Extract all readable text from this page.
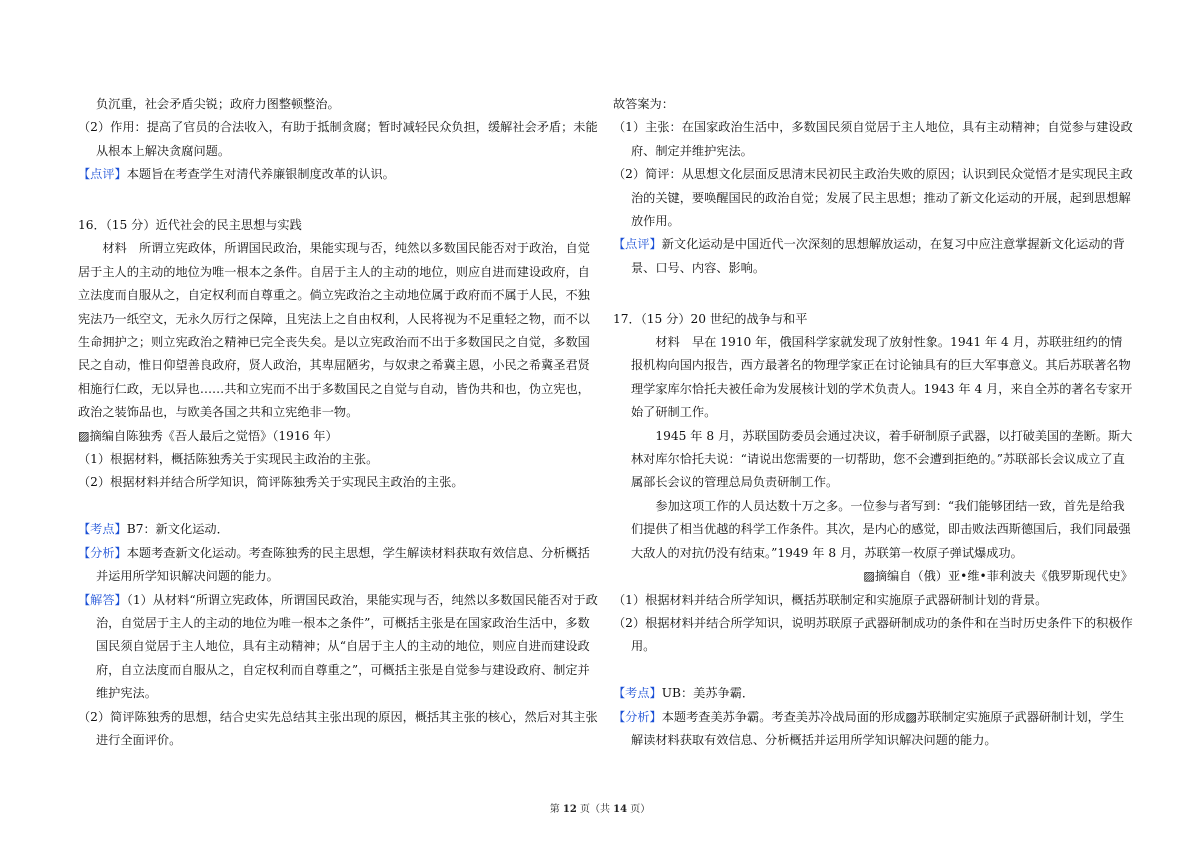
负沉重，社会矛盾尖锐；政府力图整顿整治。

（2）作用：提高了官员的合法收入，有助于抵制贪腐；暂时减轻民众负担，缓解社会矛盾；未能从根本上解决贪腐问题。

【点评】本题旨在考查学生对清代养廉银制度改革的认识。

16．（15 分）近代社会的民主思想与实践

材料　所谓立宪政体，所谓国民政治，果能实现与否，纯然以多数国民能否对于政治，自觉居于主人的主动的地位为唯一根本之条件。自居于主人的主动的地位，则应自进而建设政府，自立法度而自服从之，自定权利而自尊重之。倘立宪政治之主动地位属于政府而不属于人民，不独宪法乃一纸空文，无永久厉行之保障，且宪法上之自由权利，人民将视为不足重轻之物，而不以生命拥护之；则立宪政治之精神已完全丧失矣。是以立宪政治而不出于多数国民之自觉，多数国民之自动，惟日仰望善良政府，贤人政治，其卑屈陋劣，与奴隶之希冀主恩，小民之希冀圣君贤相施行仁政，无以异也……共和立宪而不出于多数国民之自觉与自动，皆伪共和也，伪立宪也，政治之装饰品也，与欧美各国之共和立宪绝非一物。

▨摘编自陈独秀《吾人最后之觉悟》（1916 年）

（1）根据材料，概括陈独秀关于实现民主政治的主张。

（2）根据材料并结合所学知识，简评陈独秀关于实现民主政治的主张。

【考点】B7：新文化运动．

【分析】本题考查新文化运动。考查陈独秀的民主思想，学生解读材料获取有效信息、分析概括并运用所学知识解决问题的能力。

【解答】（1）从材料“所谓立宪政体，所谓国民政治，果能实现与否，纯然以多数国民能否对于政治，自觉居于主人的主动的地位为唯一根本之条件”，可概括主张是在国家政治生活中，多数国民须自觉居于主人地位，具有主动精神；从“自居于主人的主动的地位，则应自进而建设政府，自立法度而自服从之，自定权利而自尊重之”，可概括主张是自觉参与建设政府、制定并维护宪法。

（2）简评陈独秀的思想，结合史实先总结其主张出现的原因，概括其主张的核心，然后对其主张进行全面评价。

故答案为：

（1）主张：在国家政治生活中，多数国民须自觉居于主人地位，具有主动精神；自觉参与建设政府、制定并维护宪法。

（2）简评：从思想文化层面反思清末民初民主政治失败的原因；认识到民众觉悟才是实现民主政治的关键，要唤醒国民的政治自觉；发展了民主思想；推动了新文化运动的开展，起到思想解放作用。

【点评】新文化运动是中国近代一次深刻的思想解放运动，在复习中应注意掌握新文化运动的背景、口号、内容、影响。

17．（15 分）20 世纪的战争与和平

材料　早在 1910 年，俄国科学家就发现了放射性象。1941 年 4 月，苏联驻纽约的情报机构向国内报告，西方最著名的物理学家正在讨论铀具有的巨大军事意义。其后苏联著名物理学家库尔恰托夫被任命为发展核计划的学术负责人。1943 年 4 月，来自全苏的著名专家开始了研制工作。

1945 年 8 月，苏联国防委员会通过决议，着手研制原子武器，以打破美国的垄断。斯大林对库尔恰托夫说：“请说出您需要的一切帮助，您不会遭到拒绝的。”苏联部长会议成立了直属部长会议的管理总局负责研制工作。

参加这项工作的人员达数十万之多。一位参与者写到：“我们能够团结一致，首先是给我们提供了相当优越的科学工作条件。其次，是内心的感觉，即击败法西斯德国后，我们同最强大敌人的对抗仍没有结束。”1949 年 8 月，苏联第一枚原子弹试爆成功。

▨摘编自（俄）亚•维•菲利波夫《俄罗斯现代史》

（1）根据材料并结合所学知识，概括苏联制定和实施原子武器研制计划的背景。

（2）根据材料并结合所学知识，说明苏联原子武器研制成功的条件和在当时历史条件下的积极作用。

【考点】UB：美苏争霸．

【分析】本题考查美苏争霸。考查美苏冷战局面的形成▨苏联制定实施原子武器研制计划，学生解读材料获取有效信息、分析概括并运用所学知识解决问题的能力。

第 12 页（共 14 页）
